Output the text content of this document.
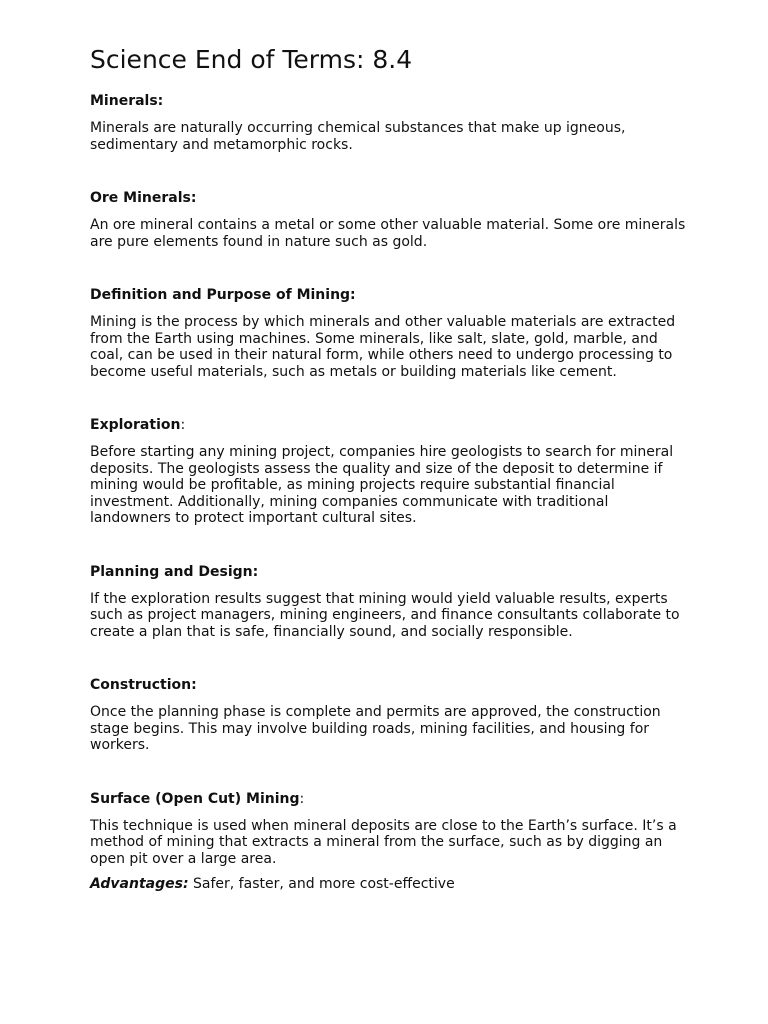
Science End of Terms: 8.4
Minerals:

Minerals are naturally occurring chemical substances that make up igneous, sedimentary and metamorphic rocks.

Ore Minerals:

An ore mineral contains a metal or some other valuable material. Some ore minerals are pure elements found in nature such as gold.

Definition and Purpose of Mining:

Mining is the process by which minerals and other valuable materials are extracted from the Earth using machines. Some minerals, like salt, slate, gold, marble, and coal, can be used in their natural form, while others need to undergo processing to become useful materials, such as metals or building materials like cement.

Exploration:

Before starting any mining project, companies hire geologists to search for mineral deposits. The geologists assess the quality and size of the deposit to determine if mining would be profitable, as mining projects require substantial financial investment. Additionally, mining companies communicate with traditional landowners to protect important cultural sites.

Planning and Design:

If the exploration results suggest that mining would yield valuable results, experts such as project managers, mining engineers, and finance consultants collaborate to create a plan that is safe, financially sound, and socially responsible.

Construction:

Once the planning phase is complete and permits are approved, the construction stage begins. This may involve building roads, mining facilities, and housing for workers.

Surface (Open Cut) Mining:

This technique is used when mineral deposits are close to the Earth’s surface. It’s a method of mining that extracts a mineral from the surface, such as by digging an open pit over a large area.

Advantages: Safer, faster, and more cost-effective
